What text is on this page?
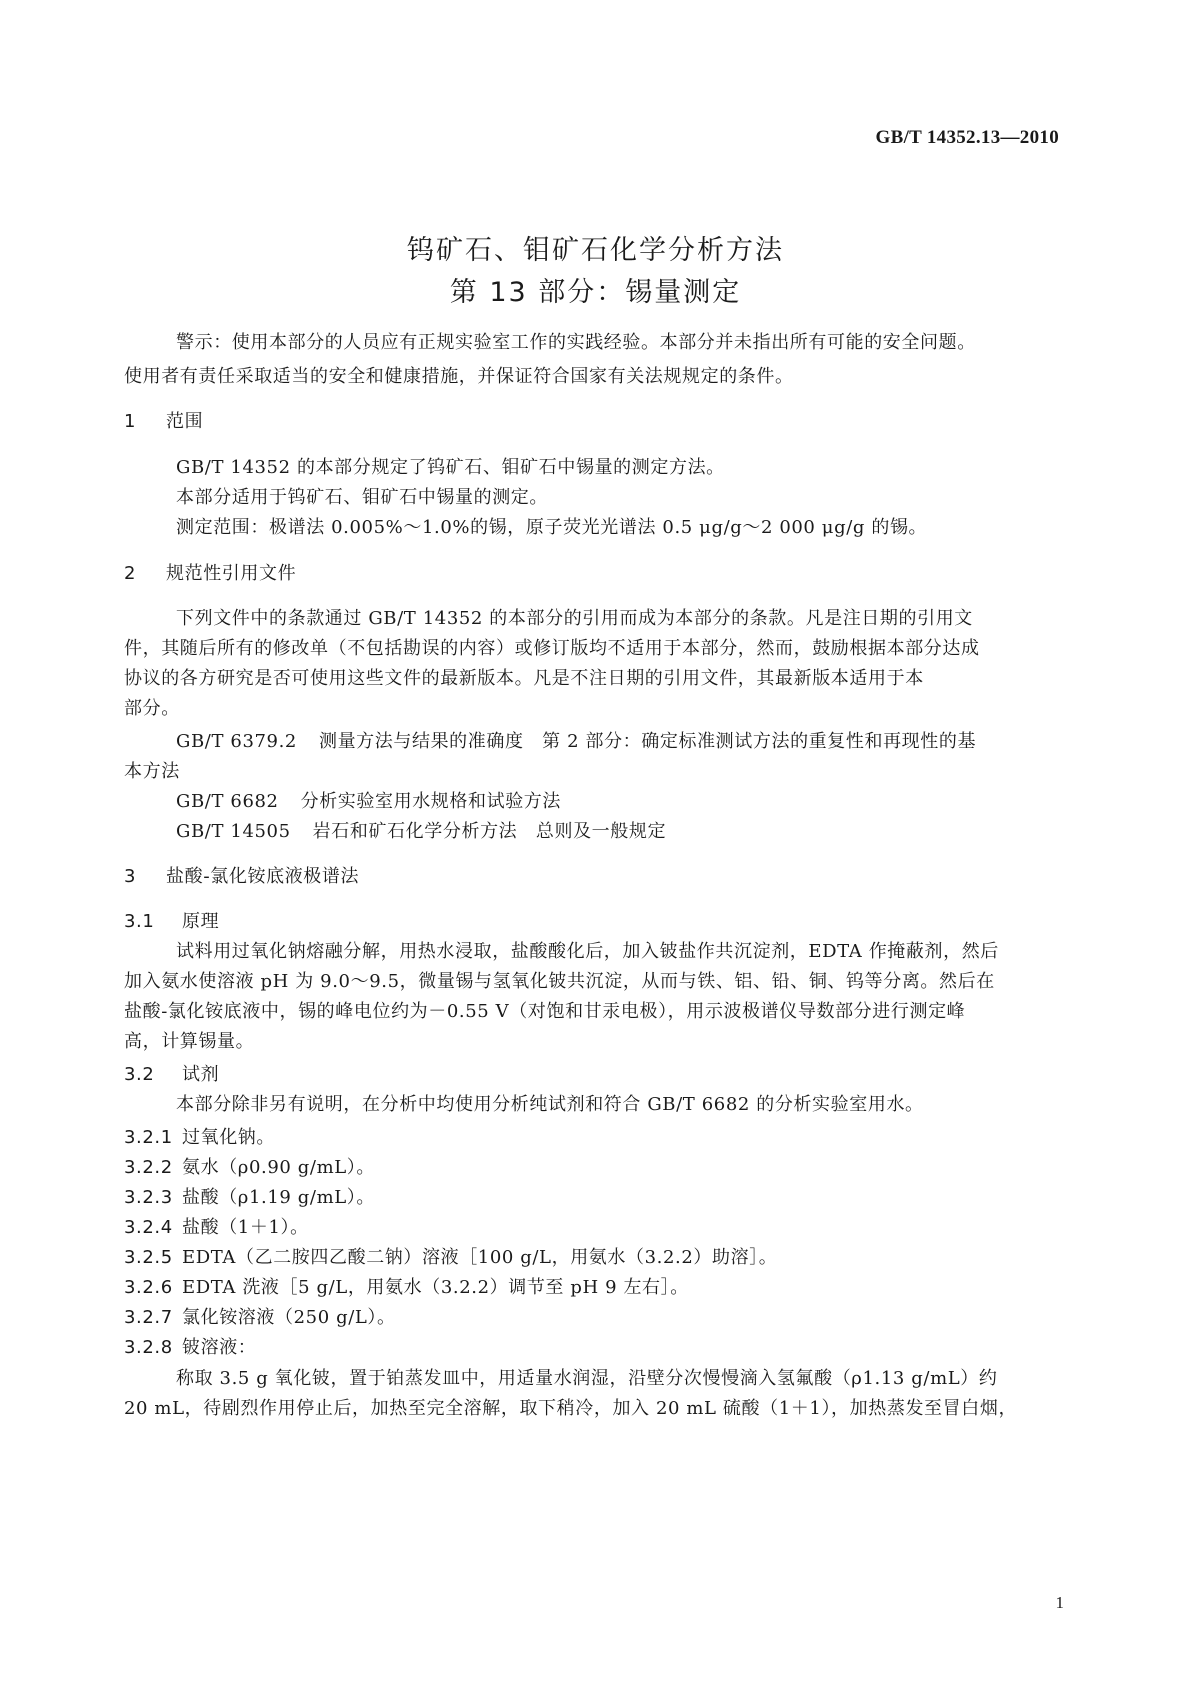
GB/T 14352.13—2010
钨矿石、钼矿石化学分析方法
第 13 部分：锡量测定
警示：使用本部分的人员应有正规实验室工作的实践经验。本部分并未指出所有可能的安全问题。
使用者有责任采取适当的安全和健康措施，并保证符合国家有关法规规定的条件。
1 范围
GB/T 14352 的本部分规定了钨矿石、钼矿石中锡量的测定方法。
本部分适用于钨矿石、钼矿石中锡量的测定。
测定范围：极谱法 0.005%～1.0%的锡，原子荧光光谱法 0.5 μg/g～2 000 μg/g 的锡。
2 规范性引用文件
下列文件中的条款通过 GB/T 14352 的本部分的引用而成为本部分的条款。凡是注日期的引用文
件，其随后所有的修改单（不包括勘误的内容）或修订版均不适用于本部分，然而，鼓励根据本部分达成
协议的各方研究是否可使用这些文件的最新版本。凡是不注日期的引用文件，其最新版本适用于本
部分。
GB/T 6379.2 测量方法与结果的准确度　第 2 部分：确定标准测试方法的重复性和再现性的基
本方法
GB/T 6682 分析实验室用水规格和试验方法
GB/T 14505 岩石和矿石化学分析方法　总则及一般规定
3 盐酸-氯化铵底液极谱法
3.1 原理
试料用过氧化钠熔融分解，用热水浸取，盐酸酸化后，加入铍盐作共沉淀剂，EDTA 作掩蔽剂，然后
加入氨水使溶液 pH 为 9.0～9.5，微量锡与氢氧化铍共沉淀，从而与铁、铝、铅、铜、钨等分离。然后在
盐酸-氯化铵底液中，锡的峰电位约为－0.55 V（对饱和甘汞电极），用示波极谱仪导数部分进行测定峰
高，计算锡量。
3.2 试剂
本部分除非另有说明，在分析中均使用分析纯试剂和符合 GB/T 6682 的分析实验室用水。
3.2.1 过氧化钠。
3.2.2 氨水（ρ0.90 g/mL）。
3.2.3 盐酸（ρ1.19 g/mL）。
3.2.4 盐酸（1＋1）。
3.2.5 EDTA（乙二胺四乙酸二钠）溶液［100 g/L，用氨水（3.2.2）助溶］。
3.2.6 EDTA 洗液［5 g/L，用氨水（3.2.2）调节至 pH 9 左右］。
3.2.7 氯化铵溶液（250 g/L）。
3.2.8 铍溶液：
称取 3.5 g 氧化铍，置于铂蒸发皿中，用适量水润湿，沿壁分次慢慢滴入氢氟酸（ρ1.13 g/mL）约
20 mL，待剧烈作用停止后，加热至完全溶解，取下稍冷，加入 20 mL 硫酸（1＋1），加热蒸发至冒白烟，
1
